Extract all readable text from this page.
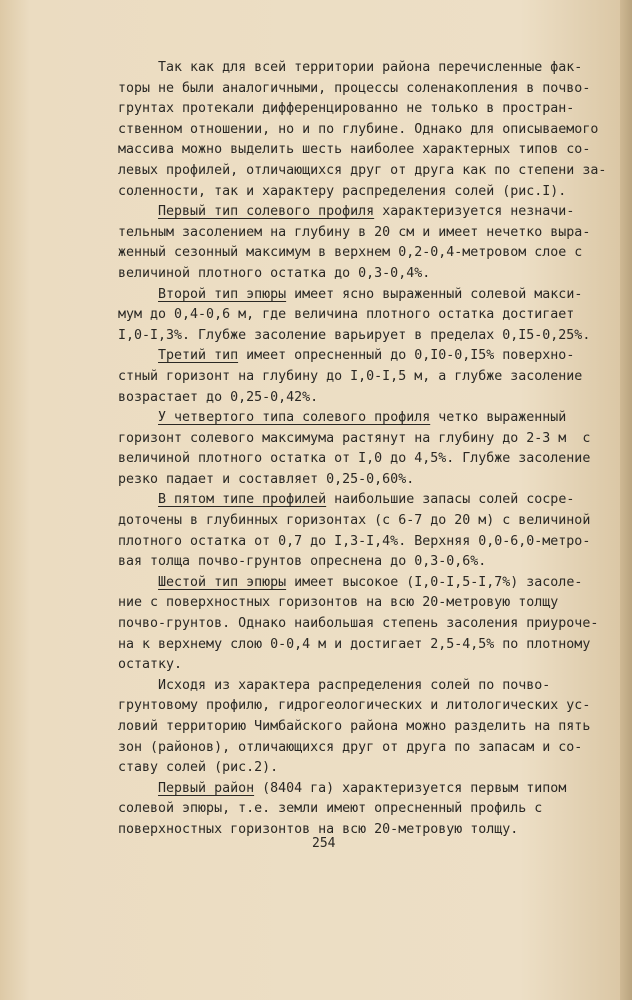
Так как для всей территории района перечисленные фак-
торы не были аналогичными, процессы соленакопления в почво-
грунтах протекали дифференцированно не только в простран-
ственном отношении, но и по глубине. Однако для описываемого
массива можно выделить шесть наиболее характерных типов со-
левых профилей, отличающихся друг от друга как по степени за-
соленности, так и характеру распределения солей (рис.I).
Первый тип солевого профиля характеризуется незначи-
тельным засолением на глубину в 20 см и имеет нечетко выра-
женный сезонный максимум в верхнем 0,2-0,4-метровом слое с
величиной плотного остатка до 0,3-0,4%.
Второй тип эпюры имеет ясно выраженный солевой макси-
мум до 0,4-0,6 м, где величина плотного остатка достигает
I,0-I,3%. Глубже засоление варьирует в пределах 0,I5-0,25%.
Третий тип имеет опресненный до 0,I0-0,I5% поверхно-
стный горизонт на глубину до I,0-I,5 м, а глубже засоление
возрастает до 0,25-0,42%.
У четвертого типа солевого профиля четко выраженный
горизонт солевого максимума растянут на глубину до 2-3 м  с
величиной плотного остатка от I,0 до 4,5%. Глубже засоление
резко падает и составляет 0,25-0,60%.
В пятом типе профилей наибольшие запасы солей сосре-
доточены в глубинных горизонтах (с 6-7 до 20 м) с величиной
плотного остатка от 0,7 до I,3-I,4%. Верхняя 0,0-6,0-метро-
вая толща почво-грунтов опреснена до 0,3-0,6%.
Шестой тип эпюры имеет высокое (I,0-I,5-I,7%) засоле-
ние с поверхностных горизонтов на всю 20-метровую толщу
почво-грунтов. Однако наибольшая степень засоления приуроче-
на к верхнему слою 0-0,4 м и достигает 2,5-4,5% по плотному
остатку.
Исходя из характера распределения солей по почво-
грунтовому профилю, гидрогеологических и литологических ус-
ловий территорию Чимбайского района можно разделить на пять
зон (районов), отличающихся друг от друга по запасам и со-
ставу солей (рис.2).
Первый район (8404 га) характеризуется первым типом
солевой эпюры, т.е. земли имеют опресненный профиль с
поверхностных горизонтов на всю 20-метровую толщу.
254
